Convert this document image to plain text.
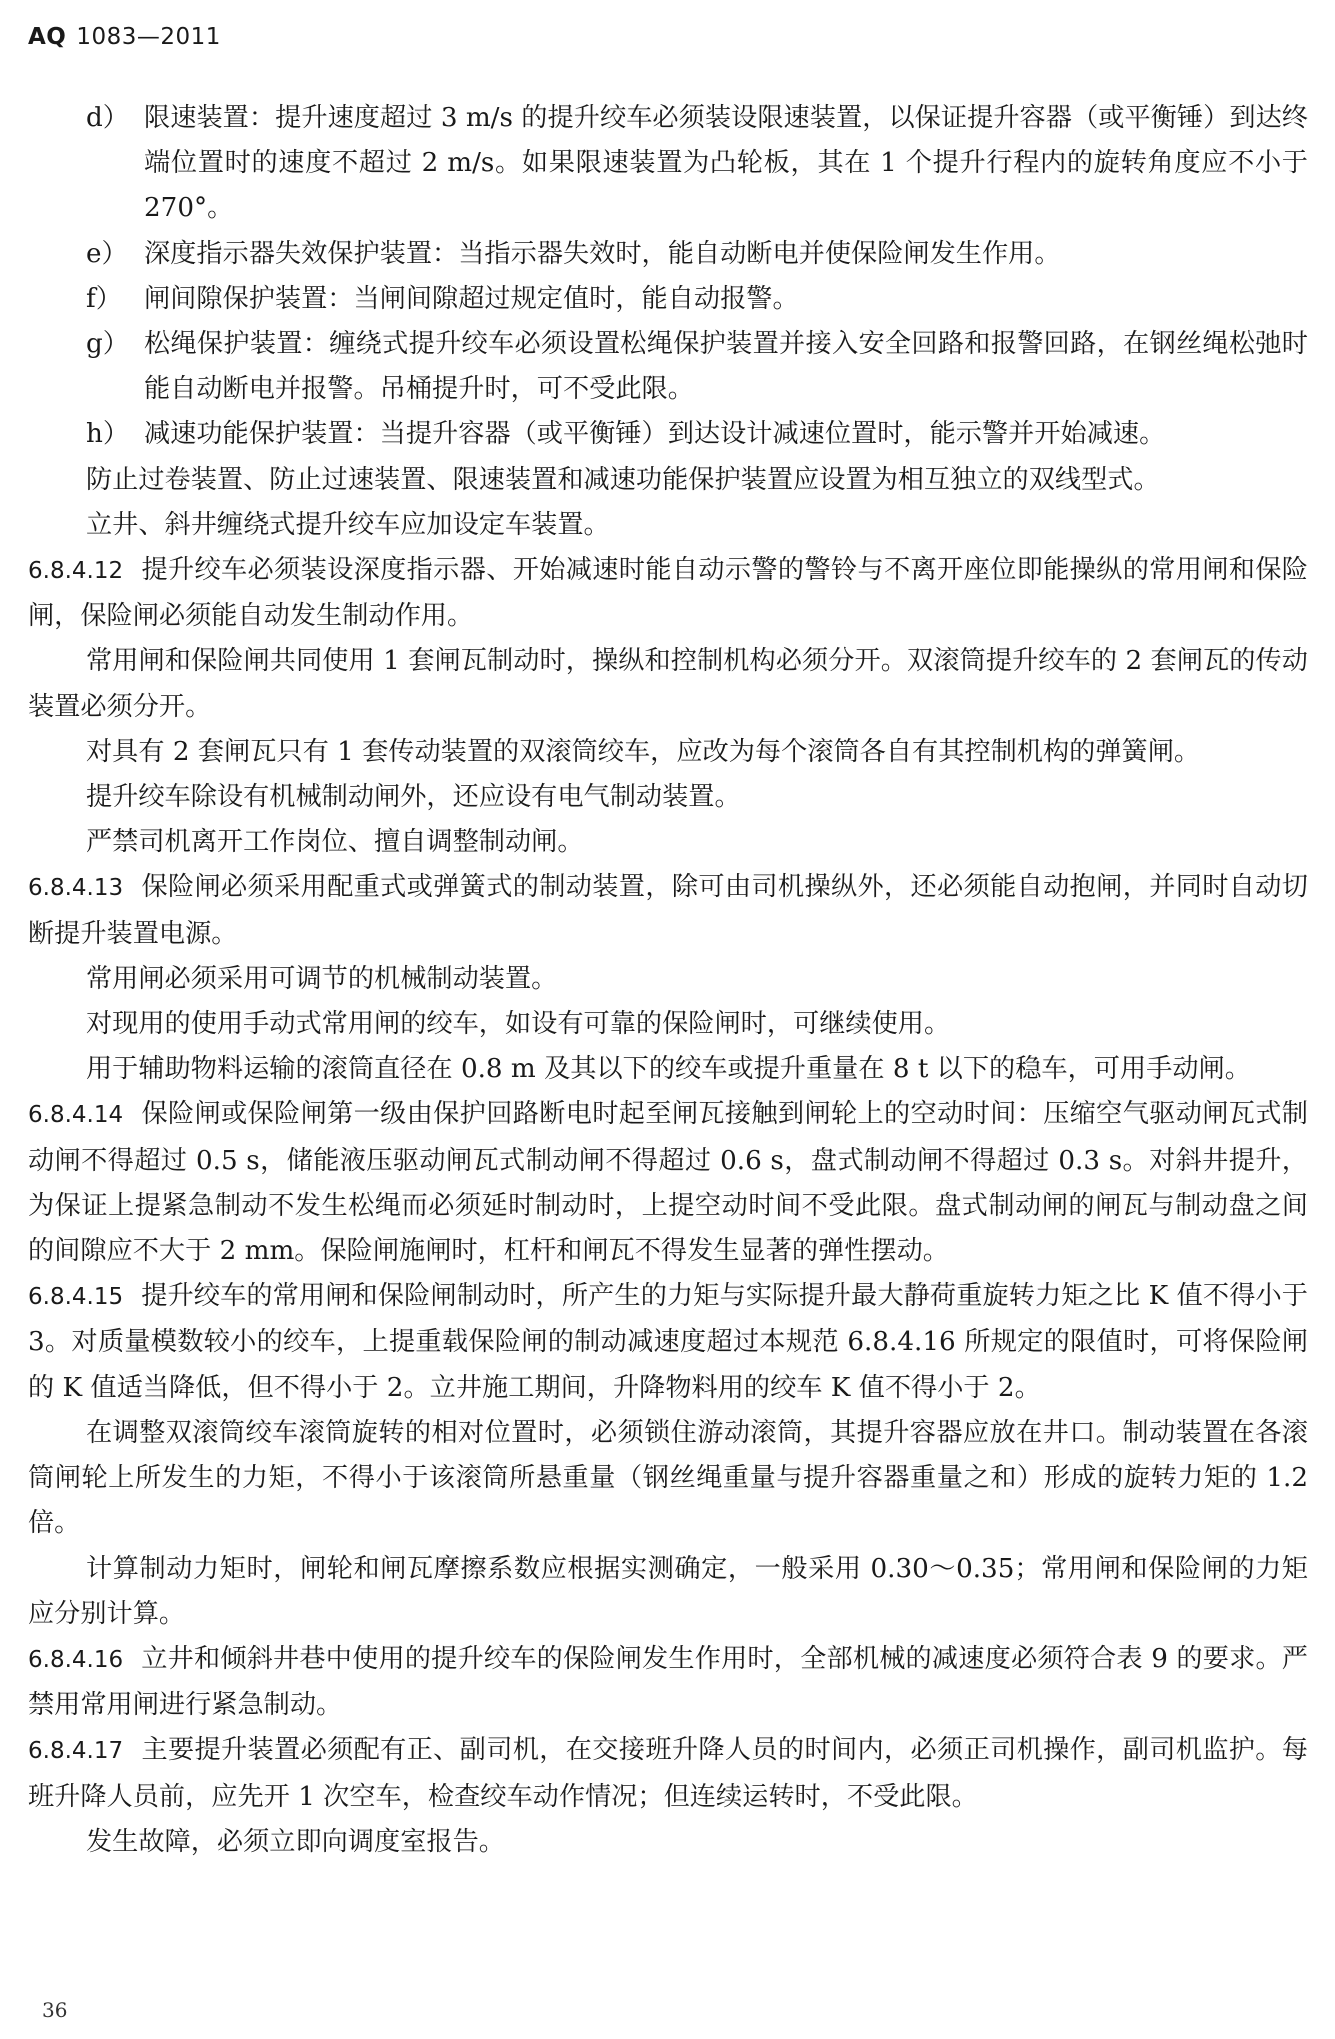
AQ 1083—2011

d） 限速装置：提升速度超过 3 m/s 的提升绞车必须装设限速装置，以保证提升容器（或平衡锤）到达终端位置时的速度不超过 2 m/s。如果限速装置为凸轮板，其在 1 个提升行程内的旋转角度应不小于 270°。

e） 深度指示器失效保护装置：当指示器失效时，能自动断电并使保险闸发生作用。

f） 闸间隙保护装置：当闸间隙超过规定值时，能自动报警。

g） 松绳保护装置：缠绕式提升绞车必须设置松绳保护装置并接入安全回路和报警回路，在钢丝绳松弛时能自动断电并报警。吊桶提升时，可不受此限。

h） 减速功能保护装置：当提升容器（或平衡锤）到达设计减速位置时，能示警并开始减速。

防止过卷装置、防止过速装置、限速装置和减速功能保护装置应设置为相互独立的双线型式。

立井、斜井缠绕式提升绞车应加设定车装置。

6.8.4.12 提升绞车必须装设深度指示器、开始减速时能自动示警的警铃与不离开座位即能操纵的常用闸和保险闸，保险闸必须能自动发生制动作用。

常用闸和保险闸共同使用 1 套闸瓦制动时，操纵和控制机构必须分开。双滚筒提升绞车的 2 套闸瓦的传动装置必须分开。

对具有 2 套闸瓦只有 1 套传动装置的双滚筒绞车，应改为每个滚筒各自有其控制机构的弹簧闸。

提升绞车除设有机械制动闸外，还应设有电气制动装置。

严禁司机离开工作岗位、擅自调整制动闸。

6.8.4.13 保险闸必须采用配重式或弹簧式的制动装置，除可由司机操纵外，还必须能自动抱闸，并同时自动切断提升装置电源。

常用闸必须采用可调节的机械制动装置。

对现用的使用手动式常用闸的绞车，如设有可靠的保险闸时，可继续使用。

用于辅助物料运输的滚筒直径在 0.8 m 及其以下的绞车或提升重量在 8 t 以下的稳车，可用手动闸。

6.8.4.14 保险闸或保险闸第一级由保护回路断电时起至闸瓦接触到闸轮上的空动时间：压缩空气驱动闸瓦式制动闸不得超过 0.5 s，储能液压驱动闸瓦式制动闸不得超过 0.6 s，盘式制动闸不得超过 0.3 s。对斜井提升，为保证上提紧急制动不发生松绳而必须延时制动时，上提空动时间不受此限。盘式制动闸的闸瓦与制动盘之间的间隙应不大于 2 mm。保险闸施闸时，杠杆和闸瓦不得发生显著的弹性摆动。

6.8.4.15 提升绞车的常用闸和保险闸制动时，所产生的力矩与实际提升最大静荷重旋转力矩之比 K 值不得小于 3。对质量模数较小的绞车，上提重载保险闸的制动减速度超过本规范 6.8.4.16 所规定的限值时，可将保险闸的 K 值适当降低，但不得小于 2。立井施工期间，升降物料用的绞车 K 值不得小于 2。

在调整双滚筒绞车滚筒旋转的相对位置时，必须锁住游动滚筒，其提升容器应放在井口。制动装置在各滚筒闸轮上所发生的力矩，不得小于该滚筒所悬重量（钢丝绳重量与提升容器重量之和）形成的旋转力矩的 1.2 倍。

计算制动力矩时，闸轮和闸瓦摩擦系数应根据实测确定，一般采用 0.30～0.35；常用闸和保险闸的力矩应分别计算。

6.8.4.16 立井和倾斜井巷中使用的提升绞车的保险闸发生作用时，全部机械的减速度必须符合表 9 的要求。严禁用常用闸进行紧急制动。

6.8.4.17 主要提升装置必须配有正、副司机，在交接班升降人员的时间内，必须正司机操作，副司机监护。每班升降人员前，应先开 1 次空车，检查绞车动作情况；但连续运转时，不受此限。

发生故障，必须立即向调度室报告。

36
